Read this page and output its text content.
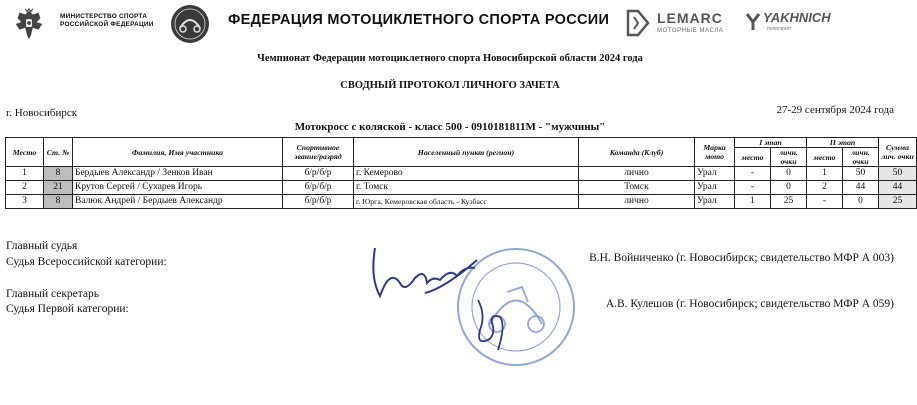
МИНИСТЕРСТВО СПОРТА РОССИЙСКОЙ ФЕДЕРАЦИИ	ФЕДЕРАЦИЯ МОТОЦИКЛЕТНОГО СПОРТА РОССИИ	LEMARC
МОТОРНЫЕ МАСЛА
YAKHNICH
motorsport
Чемпионат Федерации мотоциклетного спорта Новосибирской области 2024 года
СВОДНЫЙ ПРОТОКОЛ ЛИЧНОГО ЗАЧЕТА
г. Новосибирск	27-29 сентября 2024 года
Мотокросс с коляской - класс 500 - 0910181811М - "мужчины"
Место	Ст. №	Фамилия, Имя участника	Спортивное звание/разряд	Населенный пункт (регион)	Команда (Клуб)	Марка мото	I этап		II этап		Сумма лич. очки
							место	личн. очки	место	личн. очки	
1	8	Бердыев Александр / Зенков Иван	б/р/б/р	г. Кемерово	лично	Урал	-	0	1	50	50
2	21	Крутов Сергей / Сухарев Игорь	б/р/б/р	г. Томск	Томск	Урал	-	0	2	44	44
3	8	Валюк Андрей / Бердыев Александр	б/р/б/р	г. Юрга, Кемеровская область - Кузбасс	лично	Урал	1	25	-	0	25
Главный судья
Судья Всероссийской категории:	В.Н. Войниченко (г. Новосибирск; свидетельство МФР А 003)
Главный секретарь
Судья Первой категории:	А.В. Кулешов (г. Новосибирск; свидетельство МФР А 059)
